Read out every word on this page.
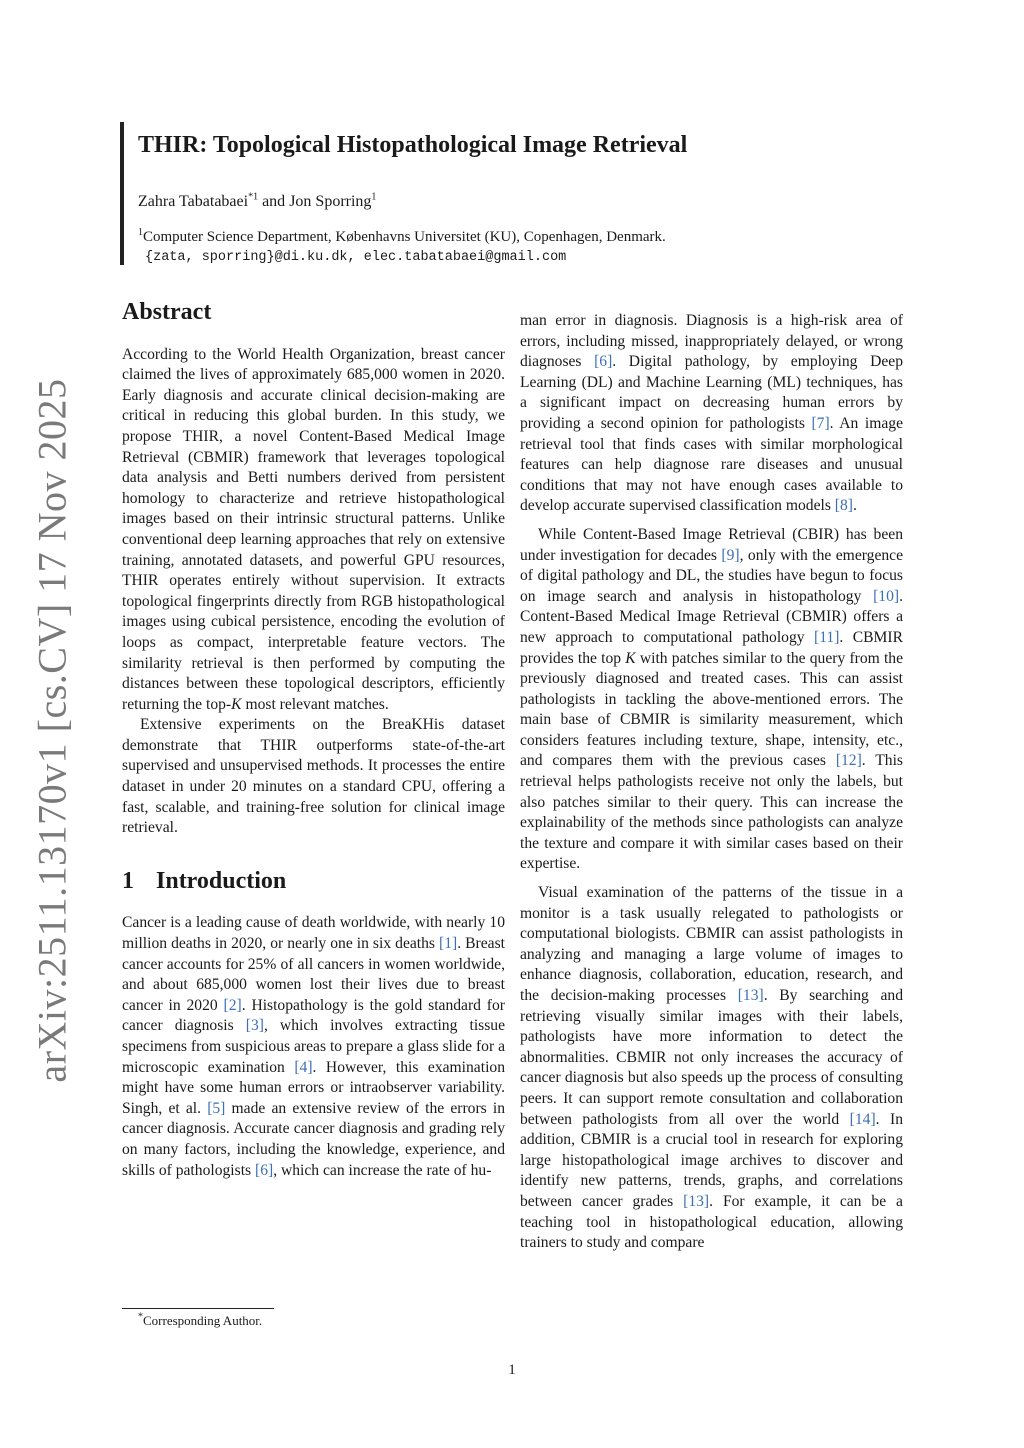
arXiv:2511.13170v1 [cs.CV] 17 Nov 2025
THIR: Topological Histopathological Image Retrieval

Zahra Tabatabaei$^{*1}$ and Jon Sporring$^1$

$^1$Computer Science Department, Københavns Universitet (KU), Copenhagen, Denmark.

{zata, sporring}@di.ku.dk, elec.tabatabaei@gmail.com

Abstract

According to the World Health Organization, breast cancer claimed the lives of approximately 685,000 women in 2020. Early diagnosis and accurate clinical decision-making are critical in reducing this global burden. In this study, we propose THIR, a novel Content-Based Medical Image Retrieval (CBMIR) framework that leverages topological data analysis and Betti numbers derived from persistent homology to characterize and retrieve histopathological images based on their intrinsic structural patterns. Unlike conventional deep learning approaches that rely on extensive training, annotated datasets, and powerful GPU resources, THIR operates entirely without supervision. It extracts topological fingerprints directly from RGB histopathological images using cubical persistence, encoding the evolution of loops as compact, interpretable feature vectors. The similarity retrieval is then performed by computing the distances between these topological descriptors, efficiently returning the top-K most relevant matches.

Extensive experiments on the BreaKHis dataset demonstrate that THIR outperforms state-of-the-art supervised and unsupervised methods. It processes the entire dataset in under 20 minutes on a standard CPU, offering a fast, scalable, and training-free solution for clinical image retrieval.

1 Introduction

Cancer is a leading cause of death worldwide, with nearly 10 million deaths in 2020, or nearly one in six deaths [1]. Breast cancer accounts for 25% of all cancers in women worldwide, and about 685,000 women lost their lives due to breast cancer in 2020 [2]. Histopathology is the gold standard for cancer diagnosis [3], which involves extracting tissue specimens from suspicious areas to prepare a glass slide for a microscopic examination [4]. However, this examination might have some human errors or intraobserver variability. Singh, et al. [5] made an extensive review of the errors in cancer diagnosis. Accurate cancer diagnosis and grading rely on many factors, including the knowledge, experience, and skills of pathologists [6], which can increase the rate of hu-

man error in diagnosis. Diagnosis is a high-risk area of errors, including missed, inappropriately delayed, or wrong diagnoses [6]. Digital pathology, by employing Deep Learning (DL) and Machine Learning (ML) techniques, has a significant impact on decreasing human errors by providing a second opinion for pathologists [7]. An image retrieval tool that finds cases with similar morphological features can help diagnose rare diseases and unusual conditions that may not have enough cases available to develop accurate supervised classification models [8].

While Content-Based Image Retrieval (CBIR) has been under investigation for decades [9], only with the emergence of digital pathology and DL, the studies have begun to focus on image search and analysis in histopathology [10]. Content-Based Medical Image Retrieval (CBMIR) offers a new approach to computational pathology [11]. CBMIR provides the top K with patches similar to the query from the previously diagnosed and treated cases. This can assist pathologists in tackling the above-mentioned errors. The main base of CBMIR is similarity measurement, which considers features including texture, shape, intensity, etc., and compares them with the previous cases [12]. This retrieval helps pathologists receive not only the labels, but also patches similar to their query. This can increase the explainability of the methods since pathologists can analyze the texture and compare it with similar cases based on their expertise.

Visual examination of the patterns of the tissue in a monitor is a task usually relegated to pathologists or computational biologists. CBMIR can assist pathologists in analyzing and managing a large volume of images to enhance diagnosis, collaboration, education, research, and the decision-making processes [13]. By searching and retrieving visually similar images with their labels, pathologists have more information to detect the abnormalities. CBMIR not only increases the accuracy of cancer diagnosis but also speeds up the process of consulting peers. It can support remote consultation and collaboration between pathologists from all over the world [14]. In addition, CBMIR is a crucial tool in research for exploring large histopathological image archives to discover and identify new patterns, trends, graphs, and correlations between cancer grades [13]. For example, it can be a teaching tool in histopathological education, allowing trainers to study and compare

*Corresponding Author.
1
